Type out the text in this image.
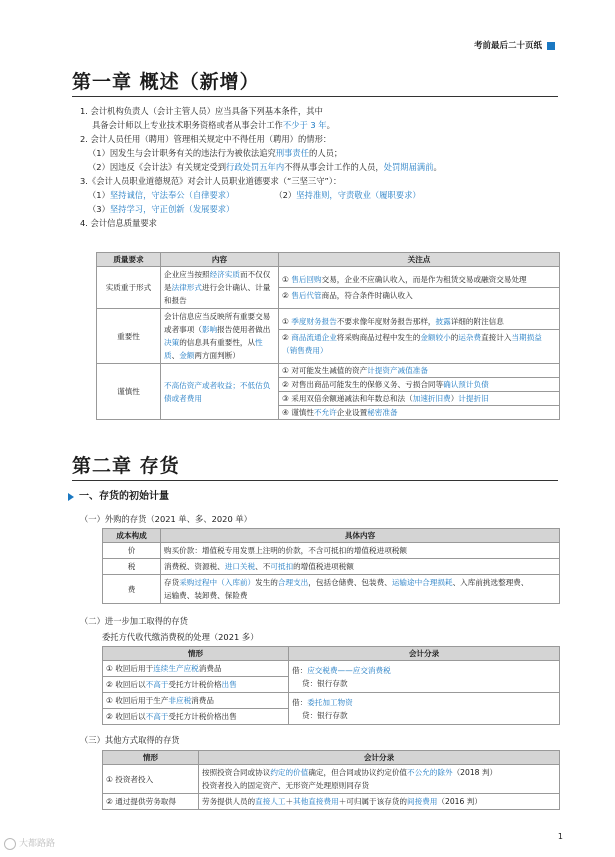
考前最后二十页纸
第一章 概述（新增）
1. 会计机构负责人（会计主管人员）应当具备下列基本条件，其中
具备会计师以上专业技术职务资格或者从事会计工作不少于 3 年。
2. 会计人员任用（聘用）管理相关规定中不得任用（聘用）的情形：
（1）因发生与会计职务有关的违法行为被依法追究刑事责任的人员；
（2）因违反《会计法》有关规定受到行政处罚五年内不得从事会计工作的人员，处罚期届满前。
3.《会计人员职业道德规范》对会计人员职业道德要求（“三坚三守”）：
（1）坚持诚信，守法奉公（自律要求）	（2）坚持准则，守责敬业（履职要求）
（3）坚持学习，守正创新（发展要求）
4. 会计信息质量要求
质量要求	内容	关注点
实质重于形式	企业应当按照经济实质而不仅仅是法律形式进行会计确认、计量和报告	① 售后回购交易，企业不应确认收入，而是作为租赁交易或融资交易处理
② 售后代管商品，符合条件时确认收入

重要性	会计信息应当反映所有重要交易或者事项（影响报告使用者做出决策的信息具有重要性，从性质、金额两方面判断）	① 季度财务报告不要求像年度财务报告那样，披露详细的附注信息
② 商品流通企业将采购商品过程中发生的金额较小的运杂费直接计入当期损益（销售费用）

谨慎性	不高估资产或者收益；不低估负债或者费用	① 对可能发生减值的资产计提资产减值准备
② 对售出商品可能发生的保修义务、亏损合同等确认预计负债
③ 采用双倍余额递减法和年数总和法（加速折旧费）计提折旧
④ 谨慎性不允许企业设置秘密准备
第二章 存货
一、存货的初始计量
（一）外购的存货（2021 单、多、2020 单）
成本构成	具体内容
价	购买价款：增值税专用发票上注明的价款，不含可抵扣的增值税进项税额
税	消费税、资源税、进口关税、不可抵扣的增值税进项税额
费	存货采购过程中（入库前）发生的合理支出，包括仓储费、包装费、运输途中合理损耗、入库前挑选整理费、
运输费、装卸费、保险费
（二）进一步加工取得的存货
委托方代收代缴消费税的处理（2021 多）
情形	会计分录
① 收回后用于连续生产应税消费品	借：应交税费——应交消费税
贷：银行存款
② 收回后以不高于受托方计税价格出售	
① 收回后用于生产非应税消费品	借：委托加工物资
贷：银行存款
② 收回后以不高于受托方计税价格出售	
（三）其他方式取得的存货
情形	会计分录
① 投资者投入	按照投资合同或协议约定的价值确定，但合同或协议约定价值不公允的除外（2018 判）
投资者投入的固定资产、无形资产处理原则同存货
② 通过提供劳务取得	劳务提供人员的直接人工＋其他直接费用＋可归属于该存货的间接费用（2016 判）
1
大都路路
